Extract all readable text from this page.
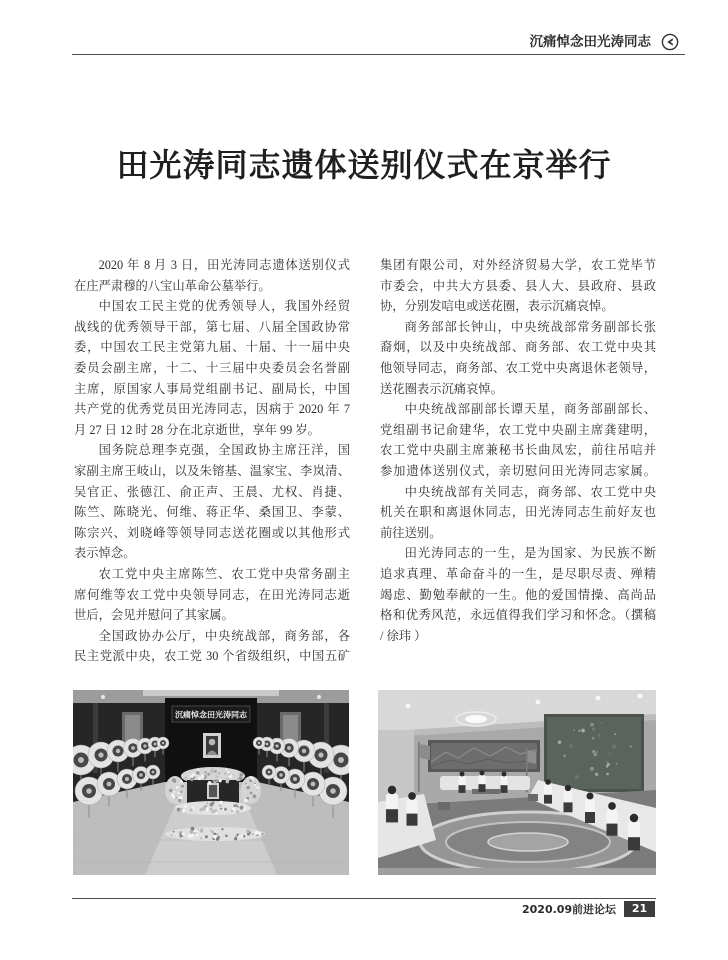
沉痛悼念田光涛同志
田光涛同志遗体送别仪式在京举行
2020 年 8 月 3 日，田光涛同志遗体送别仪式
在庄严肃穆的八宝山革命公墓举行。
中国农工民主党的优秀领导人，我国外经贸
战线的优秀领导干部，第七届、八届全国政协常
委，中国农工民主党第九届、十届、十一届中央
委员会副主席，十二、十三届中央委员会名誉副
主席，原国家人事局党组副书记、副局长，中国
共产党的优秀党员田光涛同志，因病于 2020 年 7
月 27 日 12 时 28 分在北京逝世，享年 99 岁。
国务院总理李克强，全国政协主席汪洋，国
家副主席王岐山，以及朱镕基、温家宝、李岚清、
吴官正、张德江、俞正声、王晨、尤权、肖捷、
陈竺、陈晓光、何维、蒋正华、桑国卫、李蒙、
陈宗兴、刘晓峰等领导同志送花圈或以其他形式
表示悼念。
农工党中央主席陈竺、农工党中央常务副主
席何维等农工党中央领导同志，在田光涛同志逝
世后，会见并慰问了其家属。
全国政协办公厅，中央统战部，商务部，各
民主党派中央，农工党 30 个省级组织，中国五矿
集团有限公司，对外经济贸易大学，农工党毕节
市委会，中共大方县委、县人大、县政府、县政
协，分别发唁电或送花圈，表示沉痛哀悼。
商务部部长钟山，中央统战部常务副部长张
裔炯，以及中央统战部、商务部、农工党中央其
他领导同志，商务部、农工党中央离退休老领导，
送花圈表示沉痛哀悼。
中央统战部副部长谭天星，商务部副部长、
党组副书记俞建华，农工党中央副主席龚建明，
农工党中央副主席兼秘书长曲凤宏，前往吊唁并
参加遗体送别仪式，亲切慰问田光涛同志家属。
中央统战部有关同志，商务部、农工党中央
机关在职和离退休同志，田光涛同志生前好友也
前往送别。
田光涛同志的一生，是为国家、为民族不断
追求真理、革命奋斗的一生，是尽职尽责、殚精
竭虑、勤勉奉献的一生。他的爱国情操、高尚品
格和优秀风范，永远值得我们学习和怀念。（撰稿
/ 徐玮 ）
沉痛悼念田光涛同志
2020.09 前进论坛	21
